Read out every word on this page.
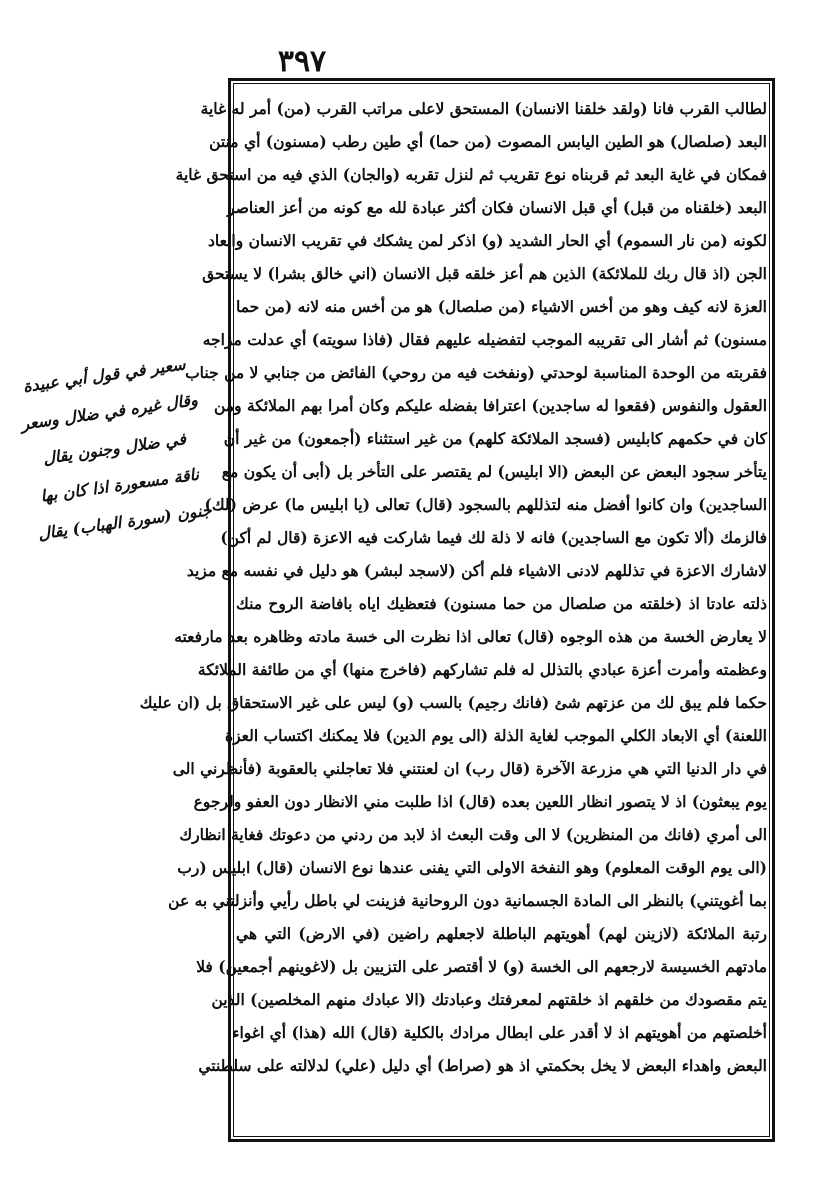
٣٩٧
لطالب القرب فانا (ولقد خلقنا الانسان) المستحق لاعلى مراتب القرب (من) أمر له غاية
البعد (صلصال) هو الطين اليابس المصوت (من حما) أي طين رطب (مسنون) أي منتن
فمكان في غاية البعد ثم قربناه نوع تقريب ثم لنزل تقربه (والجان) الذي فيه من استحق غاية
البعد (خلقناه من قبل) أي قبل الانسان فكان أكثر عبادة لله مع كونه من أعز العناصر
لكونه (من نار السموم) أي الحار الشديد (و) اذكر لمن يشكك في تقريب الانسان وابعاد
الجن (اذ قال ربك للملائكة) الذين هم أعز خلقه قبل الانسان (اني خالق بشرا) لا يستحق
العزة لانه كيف وهو من أخس الاشياء (من صلصال) هو من أخس منه لانه (من حما
مسنون) ثم أشار الى تقريبه الموجب لتفضيله عليهم فقال (فاذا سويته) أي عدلت مزاجه
فقربته من الوحدة المناسبة لوحدتي (ونفخت فيه من روحي) الفائض من جنابي لا من جناب
العقول والنفوس (فقعوا له ساجدين) اعترافا بفضله عليكم وكان أمرا بهم الملائكة ومن
كان في حكمهم كابليس (فسجد الملائكة كلهم) من غير استثناء (أجمعون) من غير أن
يتأخر سجود البعض عن البعض (الا ابليس) لم يقتصر على التأخر بل (أبى أن يكون مع
الساجدين) وان كانوا أفضل منه لتذللهم بالسجود (قال) تعالى (يا ابليس ما) عرض (لك)
فالزمك (ألا تكون مع الساجدين) فانه لا ذلة لك فيما شاركت فيه الاعزة (قال لم أكن)
لاشارك الاعزة في تذللهم لادنى الاشياء فلم أكن (لاسجد لبشر) هو دليل في نفسه مع مزيد
ذلته عادتا اذ (خلقته من صلصال من حما مسنون) فتعظيك اياه بافاضة الروح منك
لا يعارض الخسة من هذه الوجوه (قال) تعالى اذا نظرت الى خسة مادته وظاهره بعد مارفعته
وعظمته وأمرت أعزة عبادي بالتذلل له فلم تشاركهم (فاخرج منها) أي من طائفة الملائكة
حكما فلم يبق لك من عزتهم شئ (فانك رجيم) بالسب (و) ليس على غير الاستحقاق بل (ان عليك
اللعنة) أي الابعاد الكلي الموجب لغاية الذلة (الى يوم الدين) فلا يمكنك اكتساب العزة
في دار الدنيا التي هي مزرعة الآخرة (قال رب) ان لعنتني فلا تعاجلني بالعقوبة (فأنظرني الى
يوم يبعثون) اذ لا يتصور انظار اللعين بعده (قال) اذا طلبت مني الانظار دون العفو ولرجوع
الى أمري (فانك من المنظرين) لا الى وقت البعث اذ لابد من ردني من دعوتك فغاية انظارك
(الى يوم الوقت المعلوم) وهو النفخة الاولى التي يفنى عندها نوع الانسان (قال) ابليس (رب
بما أغويتني) بالنظر الى المادة الجسمانية دون الروحانية فزينت لي باطل رأيي وأنزلتني به عن
رتبة الملائكة (لازينن لهم) أهويتهم الباطلة لاجعلهم راضين (في الارض) التي هي
مادتهم الخسيسة لارجعهم الى الخسة (و) لا أقتصر على التزيين بل (لاغوينهم أجمعين) فلا
يتم مقصودك من خلقهم اذ خلقتهم لمعرفتك وعبادتك (الا عبادك منهم المخلصين) الذين
أخلصتهم من أهويتهم اذ لا أقدر على ابطال مرادك بالكلية (قال) الله (هذا) أي اغواء
البعض واهداء البعض لا يخل بحكمتي اذ هو (صراط) أي دليل (علي) لدلالته على سلطنتي
سعير في قول أبي عبيدة
وقال غيره في ضلال وسعر
في ضلال وجنون يقال
ناقة مسعورة اذا كان بها
جنون (سورة الهباب) يقال
